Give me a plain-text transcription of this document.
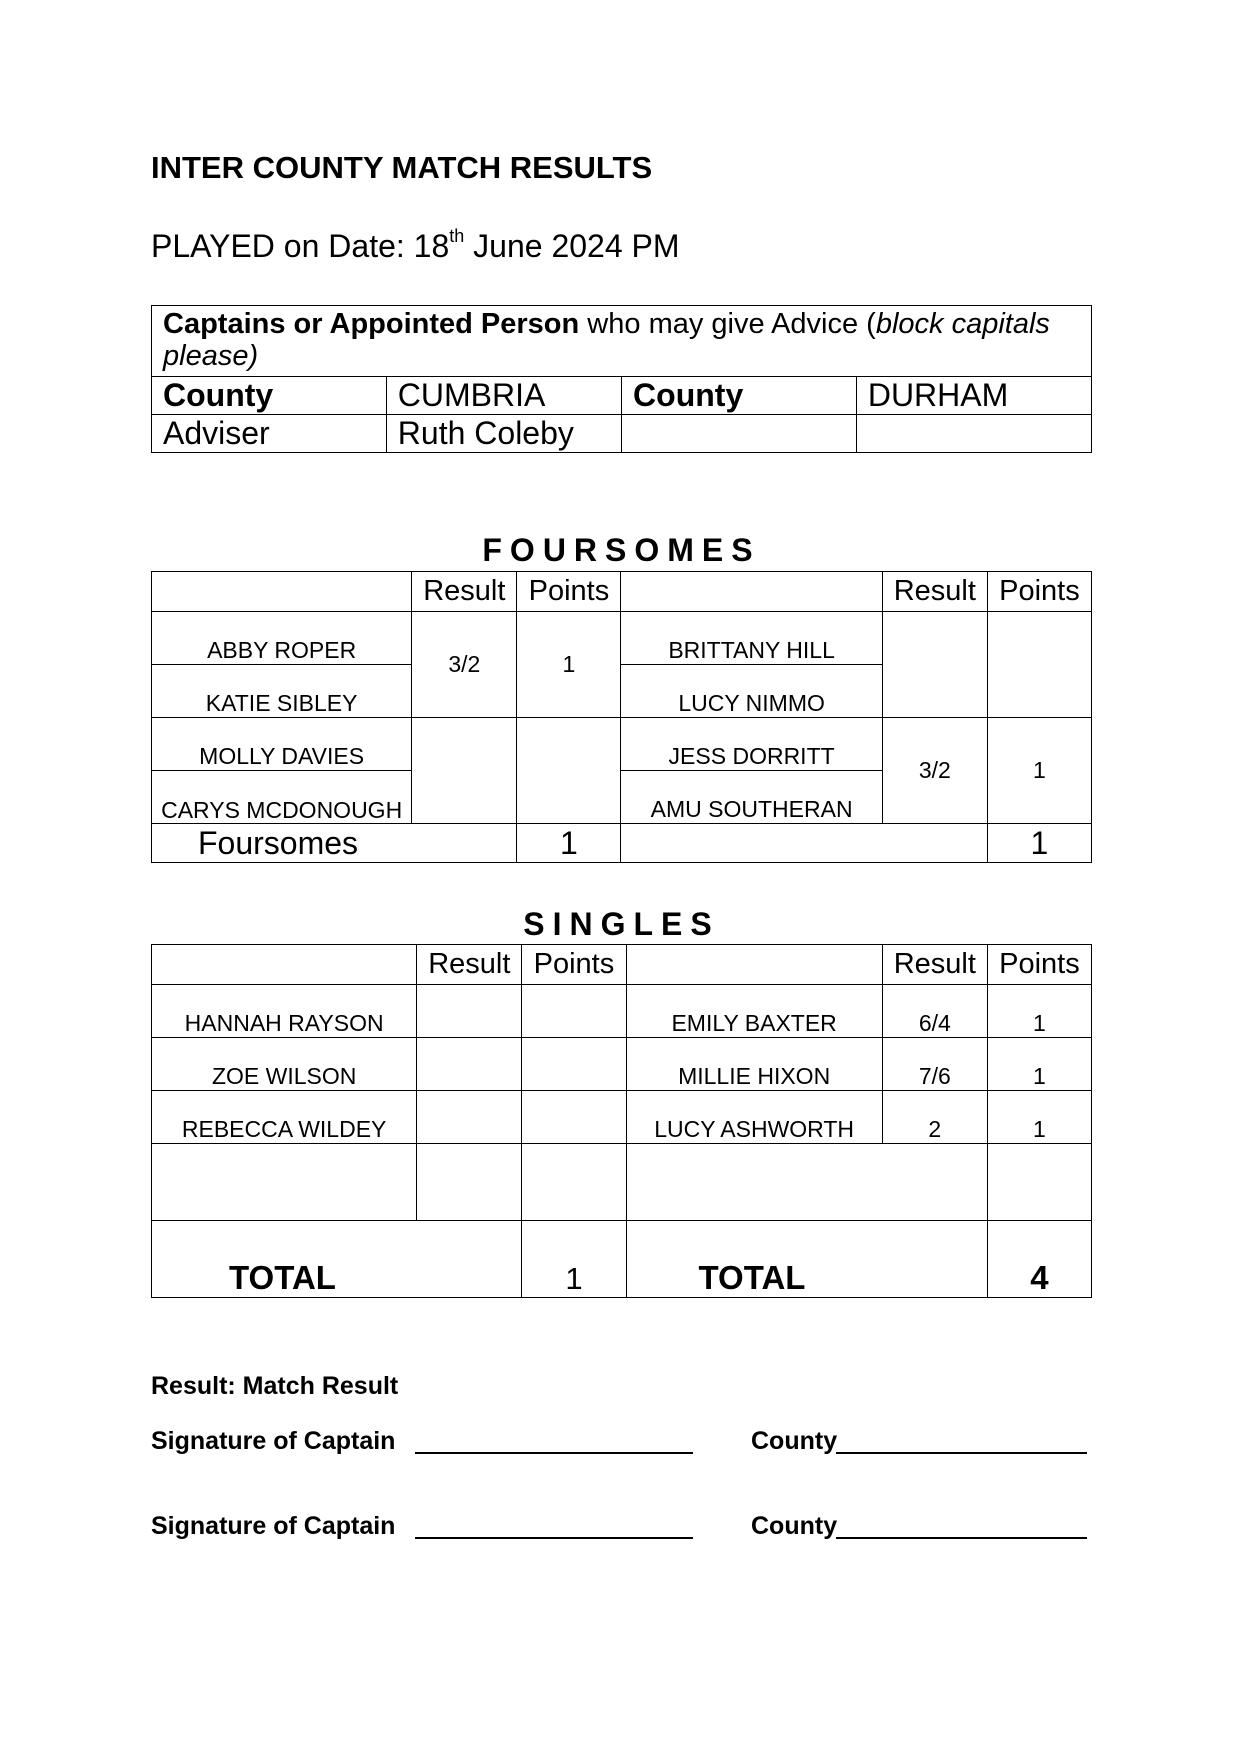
INTER COUNTY MATCH RESULTS
PLAYED on Date: 18th June 2024 PM
Captains or Appointed Person who may give Advice (block capitals please)			
County	CUMBRIA	County	DURHAM
Adviser	Ruth Coleby		
FOURSOMES
	Result	Points		Result	Points
ABBY ROPER	3/2	1	BRITTANY HILL		
KATIE SIBLEY			LUCY NIMMO		
MOLLY DAVIES			JESS DORRITT	3/2	1
CARYS MCDONOUGH			AMU SOUTHERAN		
Foursomes		1			1
SINGLES
	Result	Points		Result	Points
HANNAH RAYSON			EMILY BAXTER	6/4	1
ZOE WILSON			MILLIE HIXON	7/6	1
REBECCA WILDEY			LUCY ASHWORTH	2	1

TOTAL		1	TOTAL		4
Result: Match Result
Signature of Captain	County
Signature of Captain	County
